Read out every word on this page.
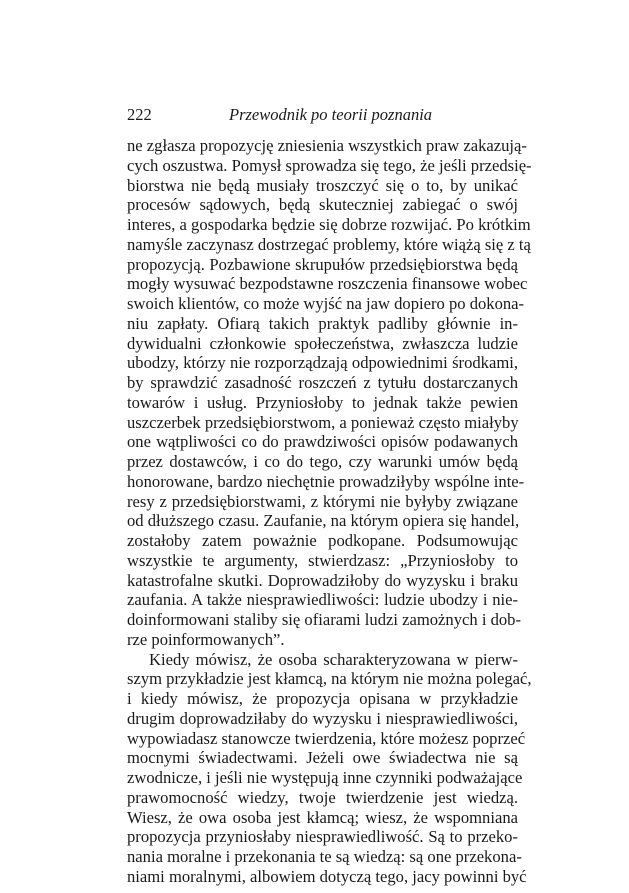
222	Przewodnik po teorii poznania
ne zgłasza propozycję zniesienia wszystkich praw zakazują-
cych oszustwa. Pomysł sprowadza się tego, że jeśli przedsię-
biorstwa nie będą musiały troszczyć się o to, by unikać
procesów sądowych, będą skuteczniej zabiegać o swój
interes, a gospodarka będzie się dobrze rozwijać. Po krótkim
namyśle zaczynasz dostrzegać problemy, które wiążą się z tą
propozycją. Pozbawione skrupułów przedsiębiorstwa będą
mogły wysuwać bezpodstawne roszczenia finansowe wobec
swoich klientów, co może wyjść na jaw dopiero po dokona-
niu zapłaty. Ofiarą takich praktyk padliby głównie in-
dywidualni członkowie społeczeństwa, zwłaszcza ludzie
ubodzy, którzy nie rozporządzają odpowiednimi środkami,
by sprawdzić zasadność roszczeń z tytułu dostarczanych
towarów i usług. Przyniosłoby to jednak także pewien
uszczerbek przedsiębiorstwom, a ponieważ często miałyby
one wątpliwości co do prawdziwości opisów podawanych
przez dostawców, i co do tego, czy warunki umów będą
honorowane, bardzo niechętnie prowadziłyby wspólne inte-
resy z przedsiębiorstwami, z którymi nie byłyby związane
od dłuższego czasu. Zaufanie, na którym opiera się handel,
zostałoby zatem poważnie podkopane. Podsumowując
wszystkie te argumenty, stwierdzasz: „Przyniosłoby to
katastrofalne skutki. Doprowadziłoby do wyzysku i braku
zaufania. A także niesprawiedliwości: ludzie ubodzy i nie-
doinformowani staliby się ofiarami ludzi zamożnych i dob-
rze poinformowanych”.
Kiedy mówisz, że osoba scharakteryzowana w pierw-
szym przykładzie jest kłamcą, na którym nie można polegać,
i kiedy mówisz, że propozycja opisana w przykładzie
drugim doprowadziłaby do wyzysku i niesprawiedliwości,
wypowiadasz stanowcze twierdzenia, które możesz poprzeć
mocnymi świadectwami. Jeżeli owe świadectwa nie są
zwodnicze, i jeśli nie występują inne czynniki podważające
prawomocność wiedzy, twoje twierdzenie jest wiedzą.
Wiesz, że owa osoba jest kłamcą; wiesz, że wspomniana
propozycja przyniosłaby niesprawiedliwość. Są to przeko-
nania moralne i przekonania te są wiedzą: są one przekona-
niami moralnymi, albowiem dotyczą tego, jacy powinni być
